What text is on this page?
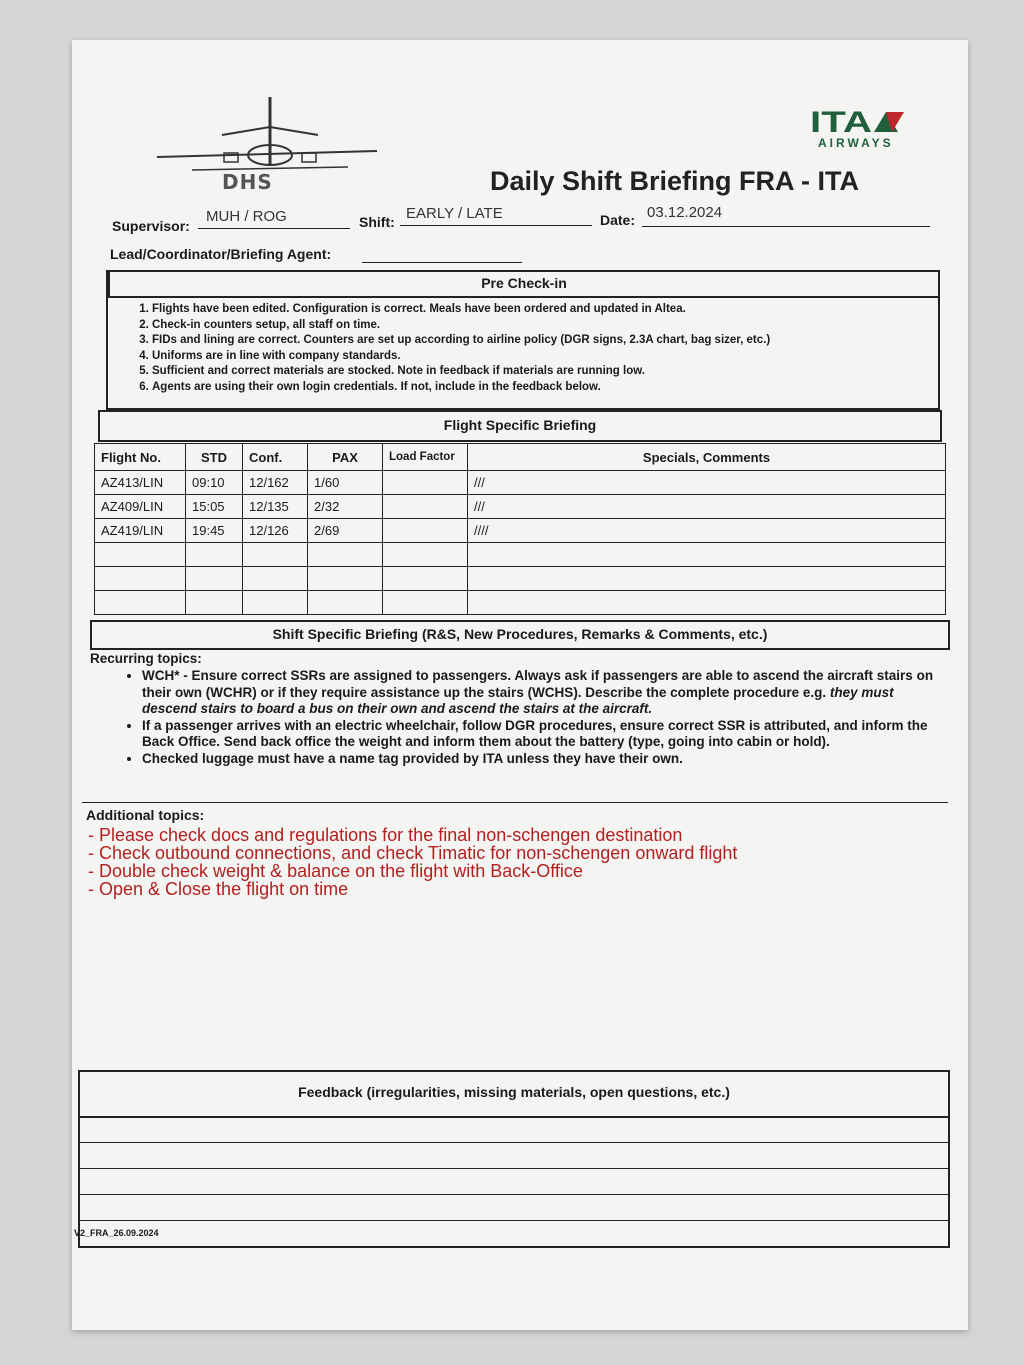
DHS
ITA
AIRWAYS
Daily Shift Briefing FRA - ITA
Supervisor:
MUH / ROG	Shift: EARLY / LATE	Date: 03.12.2024
Lead/Coordinator/Briefing Agent:
Pre Check-in
1. Flights have been edited. Configuration is correct. Meals have been ordered and updated in Altea.
2. Check-in counters setup, all staff on time.
3. FIDs and lining are correct. Counters are set up according to airline policy (DGR signs, 2.3A chart, bag sizer, etc.)
4. Uniforms are in line with company standards.
5. Sufficient and correct materials are stocked. Note in feedback if materials are running low.
6. Agents are using their own login credentials. If not, include in the feedback below.
Flight Specific Briefing
Flight No.	STD	Conf.	PAX	Load Factor	Specials, Comments
AZ413/LIN	09:10	12/162	1/60		///
AZ409/LIN	15:05	12/135	2/32		///
AZ419/LIN	19:45	12/126	2/69		////

Shift Specific Briefing (R&S, New Procedures, Remarks & Comments, etc.)
Recurring topics:
• WCH* - Ensure correct SSRs are assigned to passengers. Always ask if passengers are able to ascend the aircraft stairs on their own (WCHR) or if they require assistance up the stairs (WCHS). Describe the complete procedure e.g. they must descend stairs to board a bus on their own and ascend the stairs at the aircraft.
• If a passenger arrives with an electric wheelchair, follow DGR procedures, ensure correct SSR is attributed, and inform the Back Office. Send back office the weight and inform them about the battery (type, going into cabin or hold).
• Checked luggage must have a name tag provided by ITA unless they have their own.
Additional topics:
- Please check docs and regulations for the final non-schengen destination
- Check outbound connections, and check Timatic for non-schengen onward flight
- Double check weight & balance on the flight with Back-Office
- Open & Close the flight on time
Feedback (irregularities, missing materials, open questions, etc.)
V2_FRA_26.09.2024
